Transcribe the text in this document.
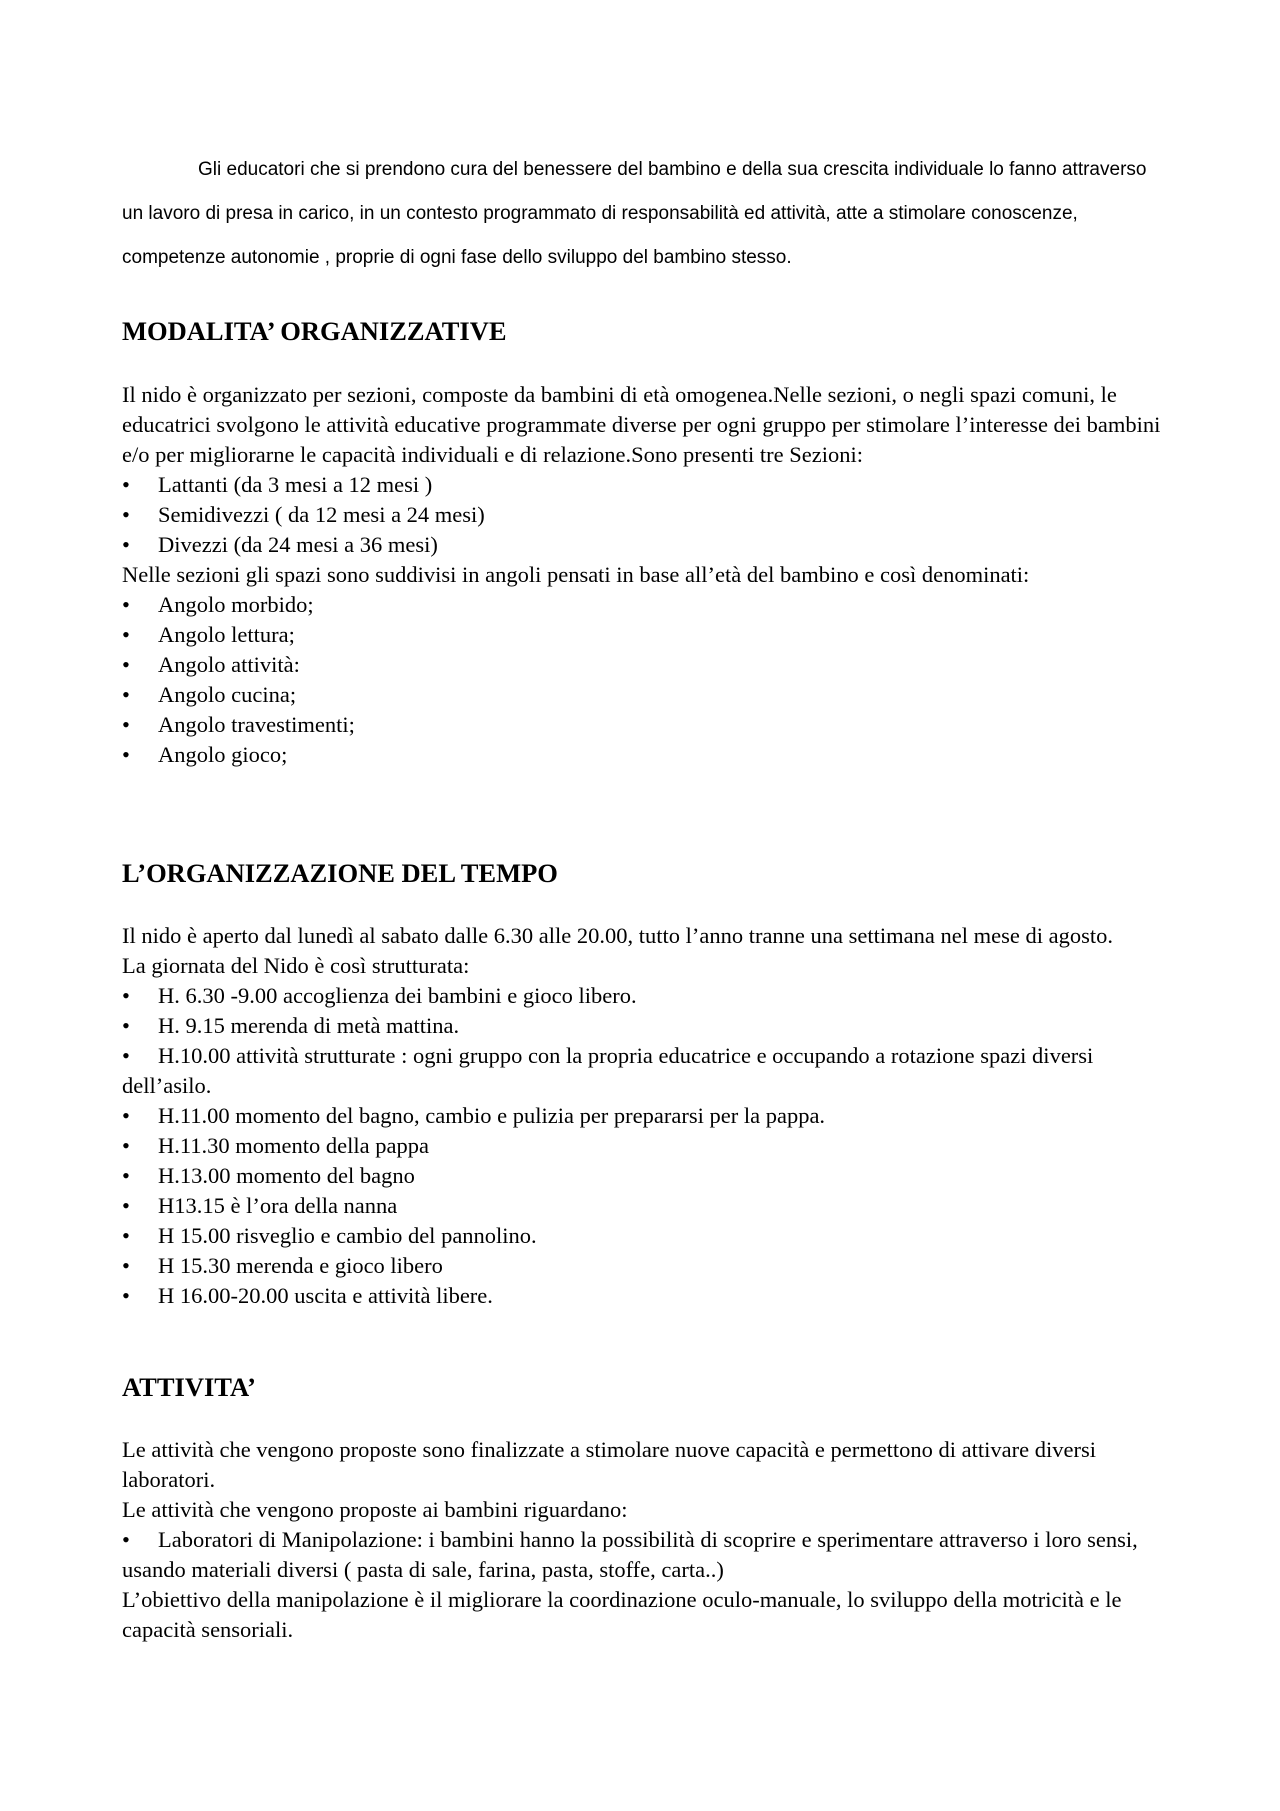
Gli educatori che si prendono cura del benessere del bambino e della sua crescita individuale lo fanno attraverso un lavoro di presa in carico, in un contesto programmato di responsabilità ed attività, atte a stimolare conoscenze, competenze autonomie , proprie di ogni fase dello sviluppo del bambino stesso.

MODALITA’ ORGANIZZATIVE

Il nido è organizzato per sezioni, composte da bambini di età omogenea.Nelle sezioni, o negli spazi comuni, le educatrici svolgono le attività educative programmate diverse per ogni gruppo per stimolare l’interesse dei bambini e/o per migliorarne le capacità individuali e di relazione.Sono presenti tre Sezioni:

• Lattanti (da 3 mesi a 12 mesi )
• Semidivezzi ( da 12 mesi a 24 mesi)
• Divezzi (da 24 mesi a 36 mesi)

Nelle sezioni gli spazi sono suddivisi in angoli pensati in base all’età del bambino e così denominati:

• Angolo morbido;
• Angolo lettura;
• Angolo attività:
• Angolo cucina;
• Angolo travestimenti;
• Angolo gioco;
L’ORGANIZZAZIONE DEL TEMPO

Il nido è aperto dal lunedì al sabato dalle 6.30 alle 20.00, tutto l’anno tranne una settimana nel mese di agosto.

La giornata del Nido è così strutturata:

• H. 6.30 -9.00 accoglienza dei bambini e gioco libero.
• H. 9.15 merenda di metà mattina.
• H.10.00 attività strutturate : ogni gruppo con la propria educatrice e occupando a rotazione spazi diversi dell’asilo.
• H.11.00 momento del bagno, cambio e pulizia per prepararsi per la pappa.
• H.11.30 momento della pappa
• H.13.00 momento del bagno
• H13.15 è l’ora della nanna
• H 15.00 risveglio e cambio del pannolino.
• H 15.30 merenda e gioco libero
• H 16.00-20.00 uscita e attività libere.
ATTIVITA’

Le attività che vengono proposte sono finalizzate a stimolare nuove capacità e permettono di attivare diversi laboratori.

Le attività che vengono proposte ai bambini riguardano:

• Laboratori di Manipolazione: i bambini hanno la possibilità di scoprire e sperimentare attraverso i loro sensi, usando materiali diversi ( pasta di sale, farina, pasta, stoffe, carta..)

L’obiettivo della manipolazione è il migliorare la coordinazione oculo-manuale, lo sviluppo della motricità e le capacità sensoriali.
